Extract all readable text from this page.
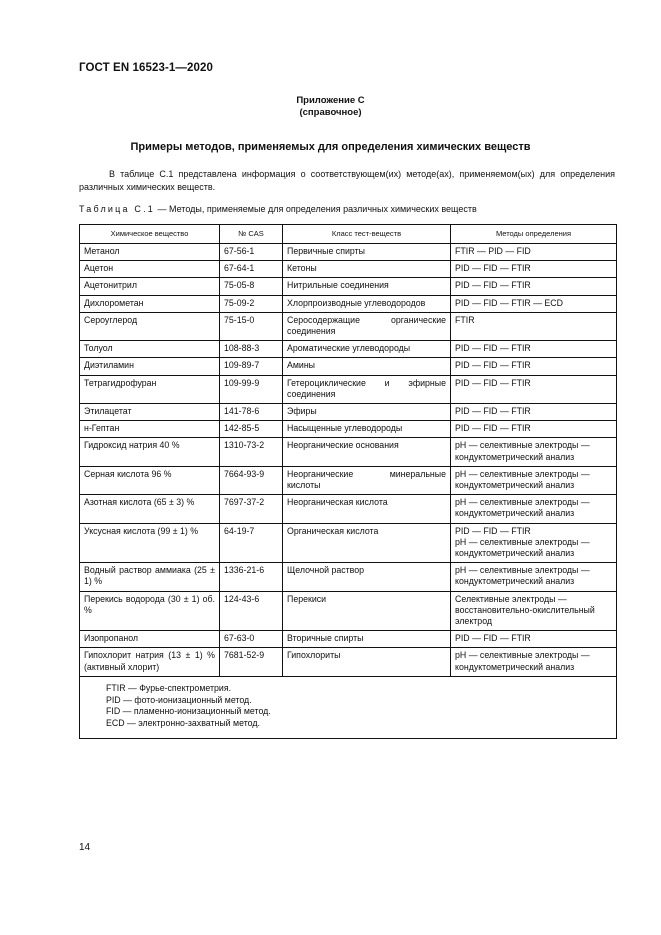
ГОСТ EN 16523-1—2020
Приложение С
(справочное)
Примеры методов, применяемых для определения химических веществ
В таблице С.1 представлена информация о соответствующем(их) методе(ах), применяемом(ых) для определения различных химических веществ.
Таблица С.1 — Методы, применяемые для определения различных химических веществ
Химическое вещество	№ CAS	Класс тест-веществ	Методы определения
Метанол	67-56-1	Первичные спирты	FTIR — PID — FID

Ацетон	67-64-1	Кетоны	PID — FID — FTIR

Ацетонитрил	75-05-8	Нитрильные соединения	PID — FID — FTIR

Дихлорометан	75-09-2	Хлорпроизводные углеводородов	PID — FID — FTIR — ECD

Сероуглерод	75-15-0	Серосодержащие органические соединения	FTIR

Толуол	108-88-3	Ароматические углеводороды	PID — FID — FTIR

Диэтиламин	109-89-7	Амины	PID — FID — FTIR

Тетрагидрофуран	109-99-9	Гетероциклические и эфирные соединения	PID — FID — FTIR

Этилацетат	141-78-6	Эфиры	PID — FID — FTIR

н-Гептан	142-85-5	Насыщенные углеводороды	PID — FID — FTIR

Гидроксид натрия 40 %	1310-73-2	Неорганические основания	pH — селективные электроды — кондуктометрический анализ

Серная кислота 96 %	7664-93-9	Неорганические минеральные кислоты	pH — селективные электроды — кондуктометрический анализ

Азотная кислота (65 ± 3) %	7697-37-2	Неорганическая кислота	pH — селективные электроды — кондуктометрический анализ

Уксусная кислота (99 ± 1) %	64-19-7	Органическая кислота	PID — FID — FTIR
pH — селективные электроды — кондуктометрический анализ

Водный раствор аммиака (25 ± 1) %	1336-21-6	Щелочной раствор	pH — селективные электроды — кондуктометрический анализ

Перекись водорода (30 ± 1) об. %	124-43-6	Перекиси	Селективные электроды — восстановительно-окислительный электрод

Изопропанол	67-63-0	Вторичные спирты	PID — FID — FTIR

Гипохлорит натрия (13 ± 1) % (активный хлорит)	7681-52-9	Гипохлориты	pH — селективные электроды — кондуктометрический анализ

FTIR — Фурье-спектрометрия.
PID — фото-ионизационный метод.
FID — пламенно-ионизационный метод.
ECD — электронно-захватный метод.			
14
